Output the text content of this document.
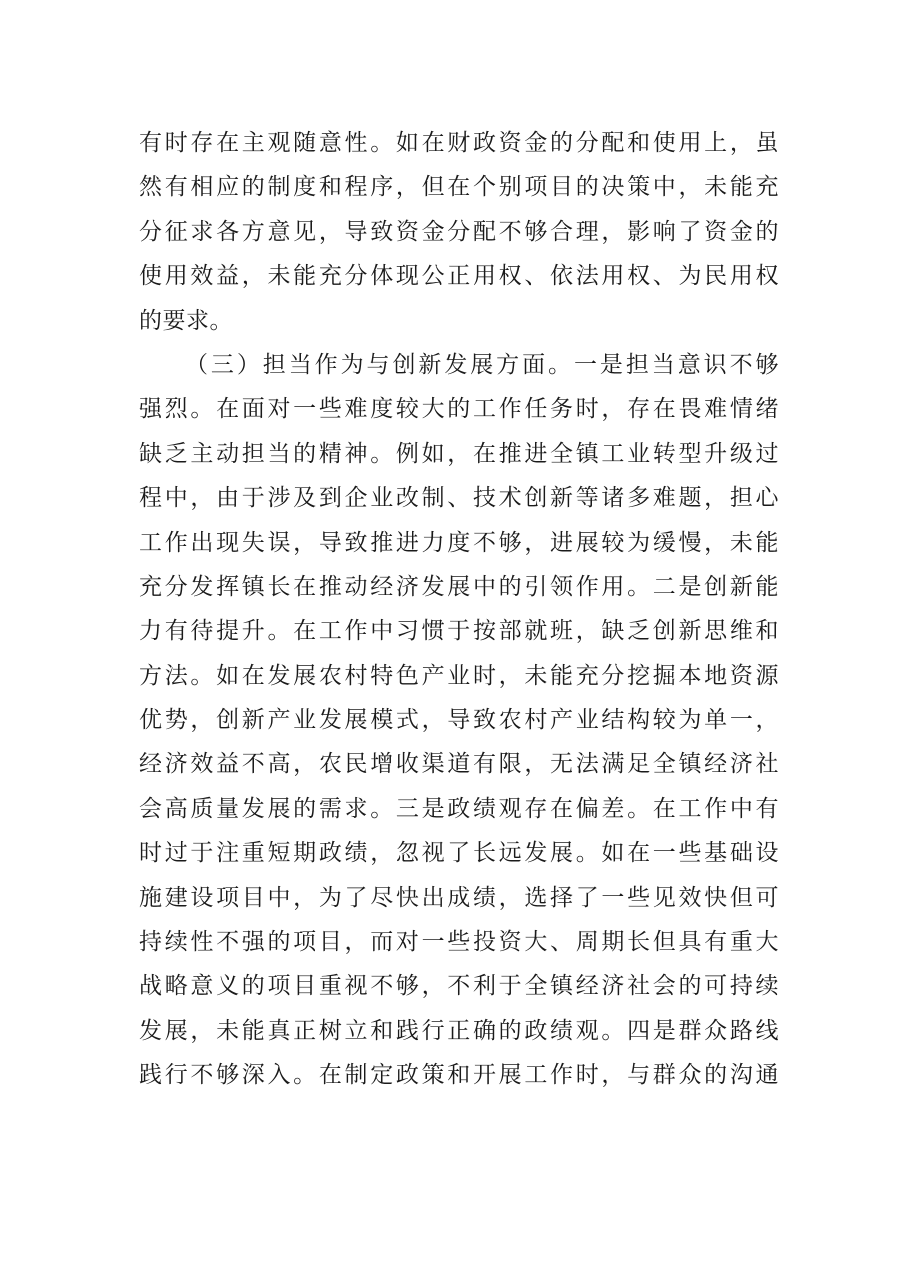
有时存在主观随意性。如在财政资金的分配和使用上，虽
然有相应的制度和程序，但在个别项目的决策中，未能充
分征求各方意见，导致资金分配不够合理，影响了资金的
使用效益，未能充分体现公正用权、依法用权、为民用权
的要求。
（三）担当作为与创新发展方面。一是担当意识不够
强烈。在面对一些难度较大的工作任务时，存在畏难情绪
缺乏主动担当的精神。例如，在推进全镇工业转型升级过
程中，由于涉及到企业改制、技术创新等诸多难题，担心
工作出现失误，导致推进力度不够，进展较为缓慢，未能
充分发挥镇长在推动经济发展中的引领作用。二是创新能
力有待提升。在工作中习惯于按部就班，缺乏创新思维和
方法。如在发展农村特色产业时，未能充分挖掘本地资源
优势，创新产业发展模式，导致农村产业结构较为单一，
经济效益不高，农民增收渠道有限，无法满足全镇经济社
会高质量发展的需求。三是政绩观存在偏差。在工作中有
时过于注重短期政绩，忽视了长远发展。如在一些基础设
施建设项目中，为了尽快出成绩，选择了一些见效快但可
持续性不强的项目，而对一些投资大、周期长但具有重大
战略意义的项目重视不够，不利于全镇经济社会的可持续
发展，未能真正树立和践行正确的政绩观。四是群众路线
践行不够深入。在制定政策和开展工作时，与群众的沟通
